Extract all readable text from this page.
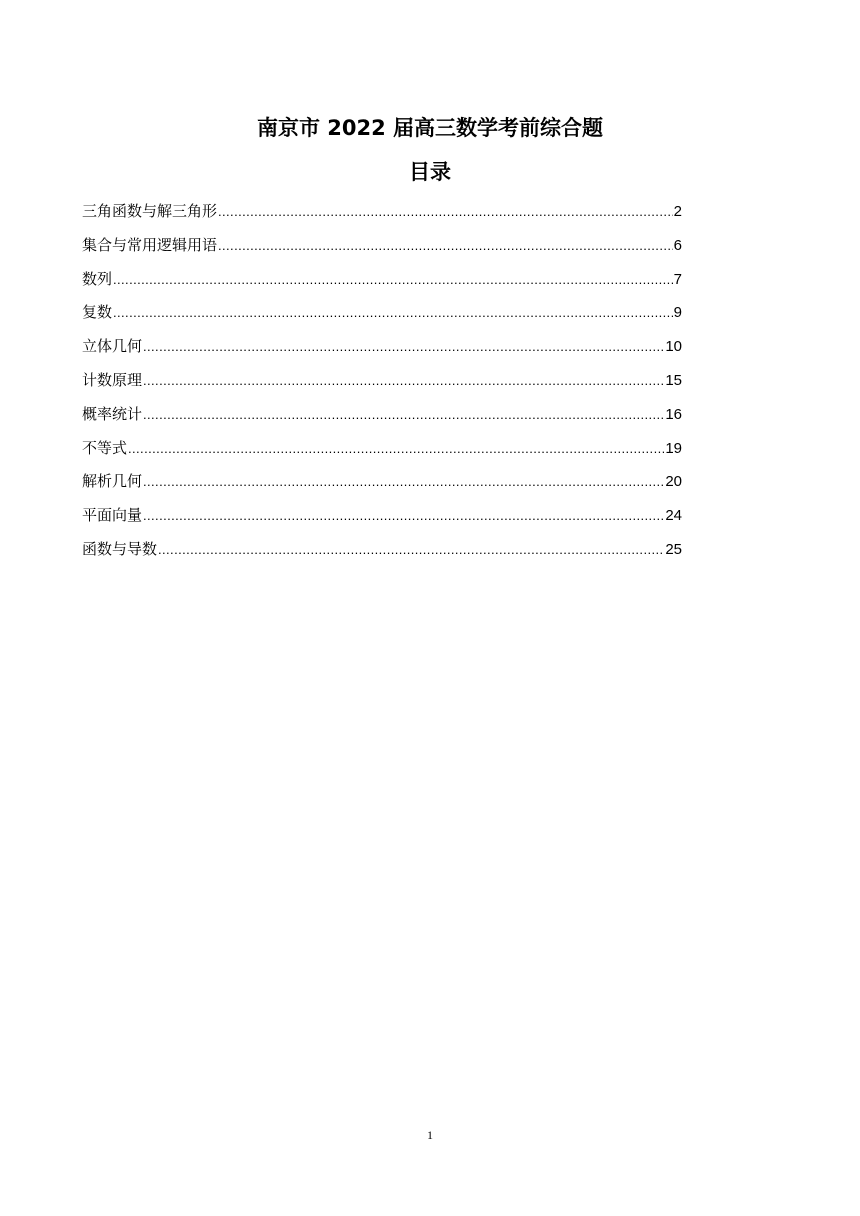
南京市 2022 届高三数学考前综合题
目录
三角函数与解三角形 .....	2
集合与常用逻辑用语 .....	6
数列 .....	7
复数 .....	9
立体几何 .....	10
计数原理 .....	15
概率统计 .....	16
不等式 .....	19
解析几何 .....	20
平面向量 .....	24
函数与导数 .....	25
1
